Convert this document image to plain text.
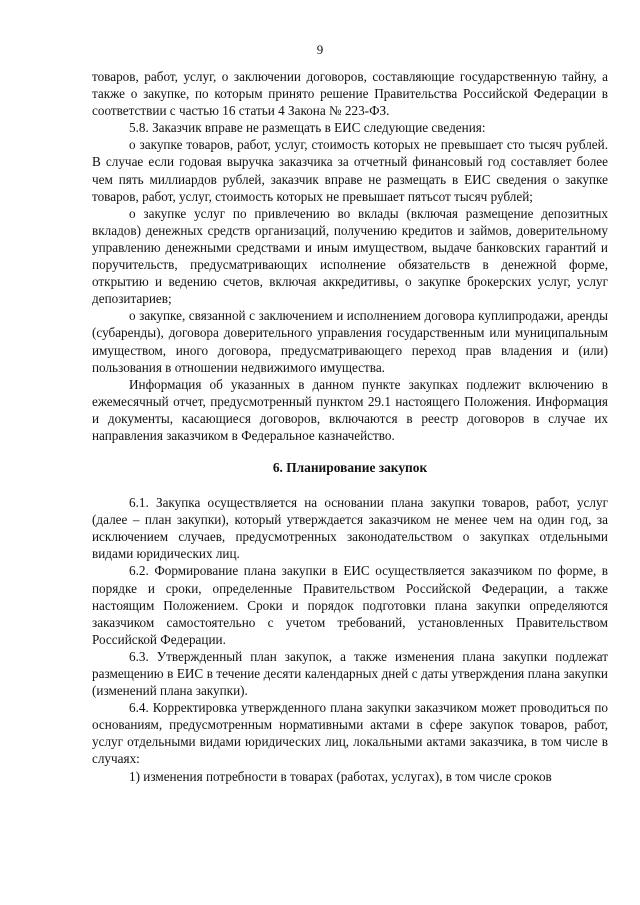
9

товаров, работ, услуг, о заключении договоров, составляющие государственную тайну, а также о закупке, по которым принято решение Правительства Российской Федерации в соответствии с частью 16 статьи 4 Закона № 223-ФЗ.

5.8. Заказчик вправе не размещать в ЕИС следующие сведения:

о закупке товаров, работ, услуг, стоимость которых не превышает сто тысяч рублей. В случае если годовая выручка заказчика за отчетный финансовый год составляет более чем пять миллиардов рублей, заказчик вправе не размещать в ЕИС сведения о закупке товаров, работ, услуг, стоимость которых не превышает пятьсот тысяч рублей;

о закупке услуг по привлечению во вклады (включая размещение депозитных вкладов) денежных средств организаций, получению кредитов и займов, доверительному управлению денежными средствами и иным имуществом, выдаче банковских гарантий и поручительств, предусматривающих исполнение обязательств в денежной форме, открытию и ведению счетов, включая аккредитивы, о закупке брокерских услуг, услуг депозитариев;

о закупке, связанной с заключением и исполнением договора куплипродажи, аренды (субаренды), договора доверительного управления государственным или муниципальным имуществом, иного договора, предусматривающего переход прав владения и (или) пользования в отношении недвижимого имущества.

Информация об указанных в данном пункте закупках подлежит включению в ежемесячный отчет, предусмотренный пунктом 29.1 настоящего Положения. Информация и документы, касающиеся договоров, включаются в реестр договоров в случае их направления заказчиком в Федеральное казначейство.

6. Планирование закупок

6.1. Закупка осуществляется на основании плана закупки товаров, работ, услуг (далее – план закупки), который утверждается заказчиком не менее чем на один год, за исключением случаев, предусмотренных законодательством о закупках отдельными видами юридических лиц.

6.2. Формирование плана закупки в ЕИС осуществляется заказчиком по форме, в порядке и сроки, определенные Правительством Российской Федерации, а также настоящим Положением. Сроки и порядок подготовки плана закупки определяются заказчиком самостоятельно с учетом требований, установленных Правительством Российской Федерации.

6.3. Утвержденный план закупок, а также изменения плана закупки подлежат размещению в ЕИС в течение десяти календарных дней с даты утверждения плана закупки (изменений плана закупки).

6.4. Корректировка утвержденного плана закупки заказчиком может проводиться по основаниям, предусмотренным нормативными актами в сфере закупок товаров, работ, услуг отдельными видами юридических лиц, локальными актами заказчика, в том числе в случаях:

1) изменения потребности в товарах (работах, услугах), в том числе сроков
